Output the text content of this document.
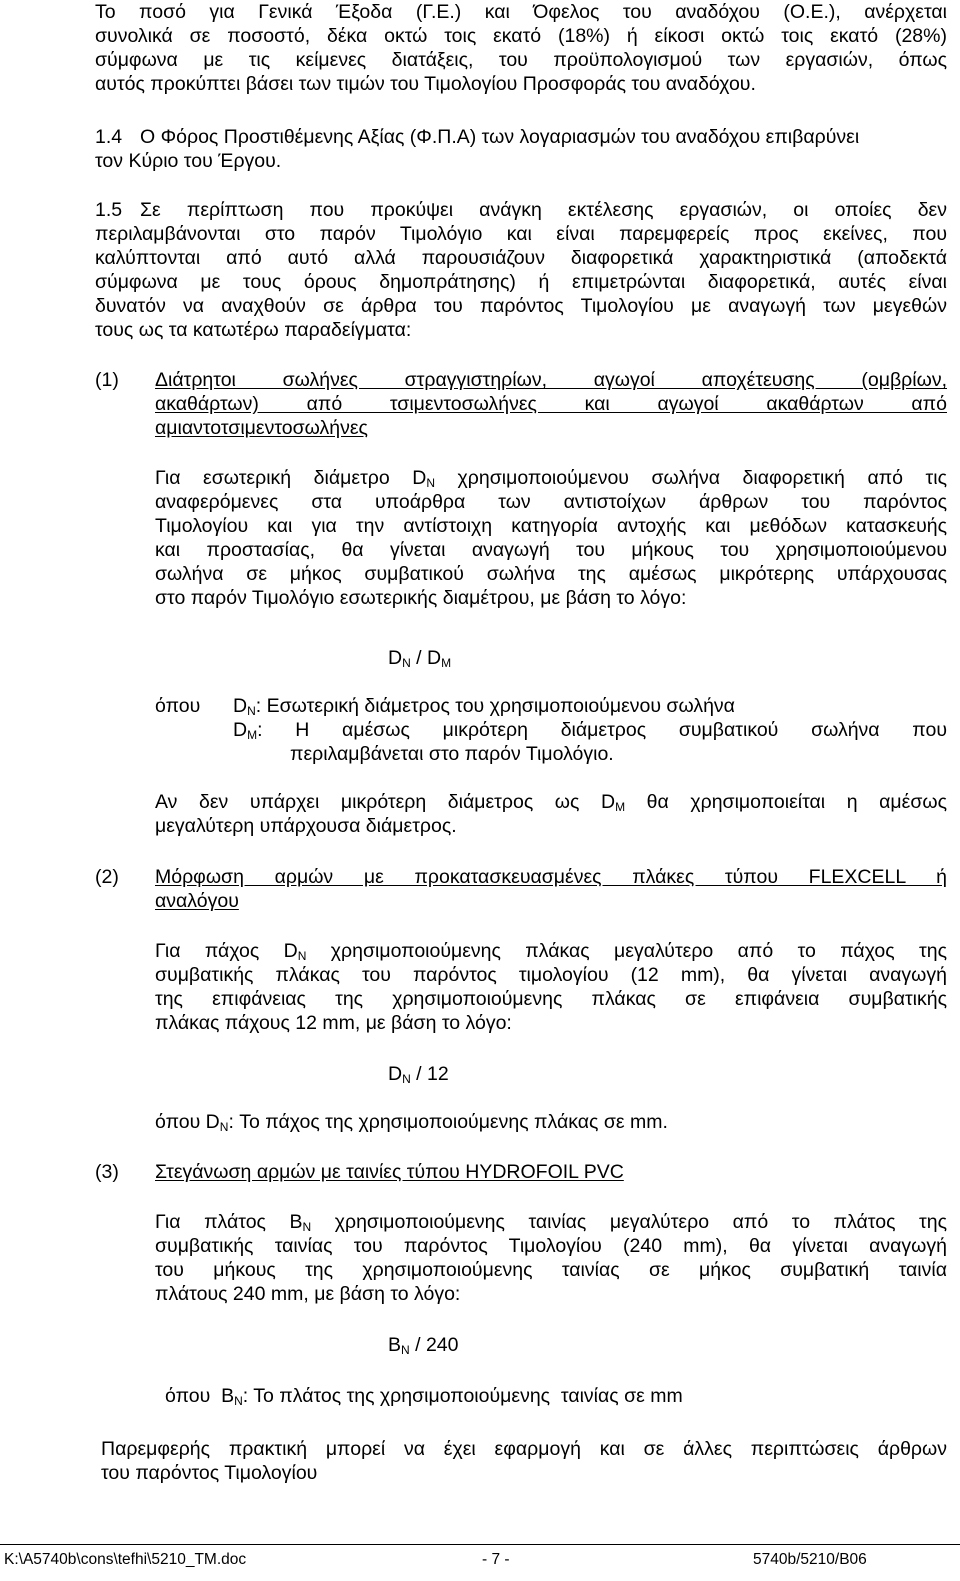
Το ποσό για Γενικά Έξοδα (Γ.Ε.) και Όφελος του αναδόχου (Ο.Ε.), ανέρχεται
συνολικά σε ποσοστό, δέκα οκτώ τοις εκατό (18%) ή είκοσι οκτώ τοις εκατό (28%)
σύμφωνα με τις κείμενες διατάξεις, του προϋπολογισμού των εργασιών, όπως
αυτός προκύπτει βάσει των τιμών του Τιμολογίου Προσφοράς του αναδόχου.
1.4 Ο Φόρος Προστιθέμενης Αξίας (Φ.Π.Α) των λογαριασμών του αναδόχου επιβαρύνει
τον Κύριο του Έργου.
1.5 Σε περίπτωση που προκύψει ανάγκη εκτέλεσης εργασιών, οι οποίες δεν
περιλαμβάνονται στο παρόν Τιμολόγιο και είναι παρεμφερείς προς εκείνες, που
καλύπτονται από αυτό αλλά παρουσιάζουν διαφορετικά χαρακτηριστικά (αποδεκτά
σύμφωνα με τους όρους δημοπράτησης) ή επιμετρώνται διαφορετικά, αυτές είναι
δυνατόν να αναχθούν σε άρθρα του παρόντος Τιμολογίου με αναγωγή των μεγεθών
τους ως τα κατωτέρω παραδείγματα:
(1) Διάτρητοι σωλήνες στραγγιστηρίων, αγωγοί αποχέτευσης (ομβρίων,
ακαθάρτων) από τσιμεντοσωλήνες και αγωγοί ακαθάρτων από
αμιαντοτσιμεντοσωλήνες
Για εσωτερική διάμετρο $D_N$ χρησιμοποιούμενου σωλήνα διαφορετική από τις
αναφερόμενες στα υποάρθρα των αντιστοίχων άρθρων του παρόντος
Τιμολογίου και για την αντίστοιχη κατηγορία αντοχής και μεθόδων κατασκευής
και προστασίας, θα γίνεται αναγωγή του μήκους του χρησιμοποιούμενου
σωλήνα σε μήκος συμβατικού σωλήνα της αμέσως μικρότερης υπάρχουσας
στο παρόν Τιμολόγιο εσωτερικής διαμέτρου, με βάση το λόγο:
$D_N / D_M$
όπου $D_N$: Εσωτερική διάμετρος του χρησιμοποιούμενου σωλήνα
$D_M$: Η αμέσως μικρότερη διάμετρος συμβατικού σωλήνα που
περιλαμβάνεται στο παρόν Τιμολόγιο.
Αν δεν υπάρχει μικρότερη διάμετρος ως $D_M$ θα χρησιμοποιείται η αμέσως
μεγαλύτερη υπάρχουσα διάμετρος.
(2) Μόρφωση αρμών με προκατασκευασμένες πλάκες τύπου FLEXCELL ή
αναλόγου
Για πάχος $D_N$ χρησιμοποιούμενης πλάκας μεγαλύτερο από το πάχος της
συμβατικής πλάκας του παρόντος τιμολογίου (12 mm), θα γίνεται αναγωγή
της επιφάνειας της χρησιμοποιούμενης πλάκας σε επιφάνεια συμβατικής
πλάκας πάχους 12 mm, με βάση το λόγο:
$D_N / 12$
όπου $D_N$: Το πάχος της χρησιμοποιούμενης πλάκας σε mm.
(3) Στεγάνωση αρμών με ταινίες τύπου HYDROFOIL PVC
Για πλάτος $B_N$ χρησιμοποιούμενης ταινίας μεγαλύτερο από το πλάτος της
συμβατικής ταινίας του παρόντος Τιμολογίου (240 mm), θα γίνεται αναγωγή
του μήκους της χρησιμοποιούμενης ταινίας σε μήκος συμβατική ταινία
πλάτους 240 mm, με βάση το λόγο:
$B_N / 240$
όπου  $B_N$: Το πλάτος της χρησιμοποιούμενης  ταινίας σε mm
Παρεμφερής πρακτική μπορεί να έχει εφαρμογή και σε άλλες περιπτώσεις άρθρων
του παρόντος Τιμολογίου
K:\A5740b\cons\tefhi\5210_TM.doc	- 7 -	5740b/5210/B06
